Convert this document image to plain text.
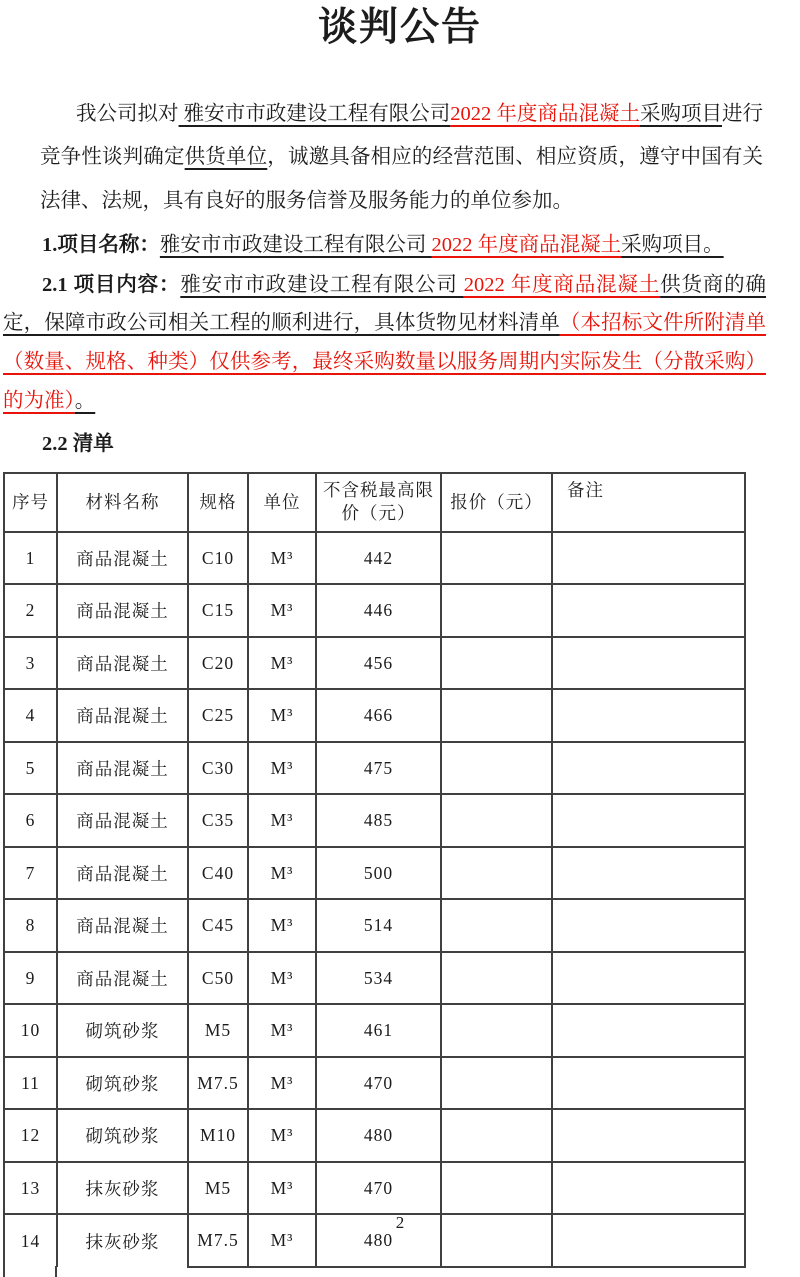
谈判公告

我公司拟对 雅安市市政建设工程有限公司2022 年度商品混凝土采购项目进行竞争性谈判确定供货单位，诚邀具备相应的经营范围、相应资质，遵守中国有关法律、法规，具有良好的服务信誉及服务能力的单位参加。

1.项目名称：雅安市市政建设工程有限公司 2022 年度商品混凝土采购项目。

2.1 项目内容：雅安市市政建设工程有限公司 2022 年度商品混凝土供货商的确定，保障市政公司相关工程的顺利进行，具体货物见材料清单（本招标文件所附清单（数量、规格、种类）仅供参考，最终采购数量以服务周期内实际发生（分散采购）的为准）。

2.2 清单

序号	材料名称	规格	单位	不含税最高限价（元）	报价（元）	备注
1	商品混凝土	C10	M³	442		
2	商品混凝土	C15	M³	446		
3	商品混凝土	C20	M³	456		
4	商品混凝土	C25	M³	466		
5	商品混凝土	C30	M³	475		
6	商品混凝土	C35	M³	485		
7	商品混凝土	C40	M³	500		
8	商品混凝土	C45	M³	514		
9	商品混凝土	C50	M³	534		
10	砌筑砂浆	M5	M³	461		
11	砌筑砂浆	M7.5	M³	470		
12	砌筑砂浆	M10	M³	480		
13	抹灰砂浆	M5	M³	470		
14	抹灰砂浆	M7.5	M³	480		
2
